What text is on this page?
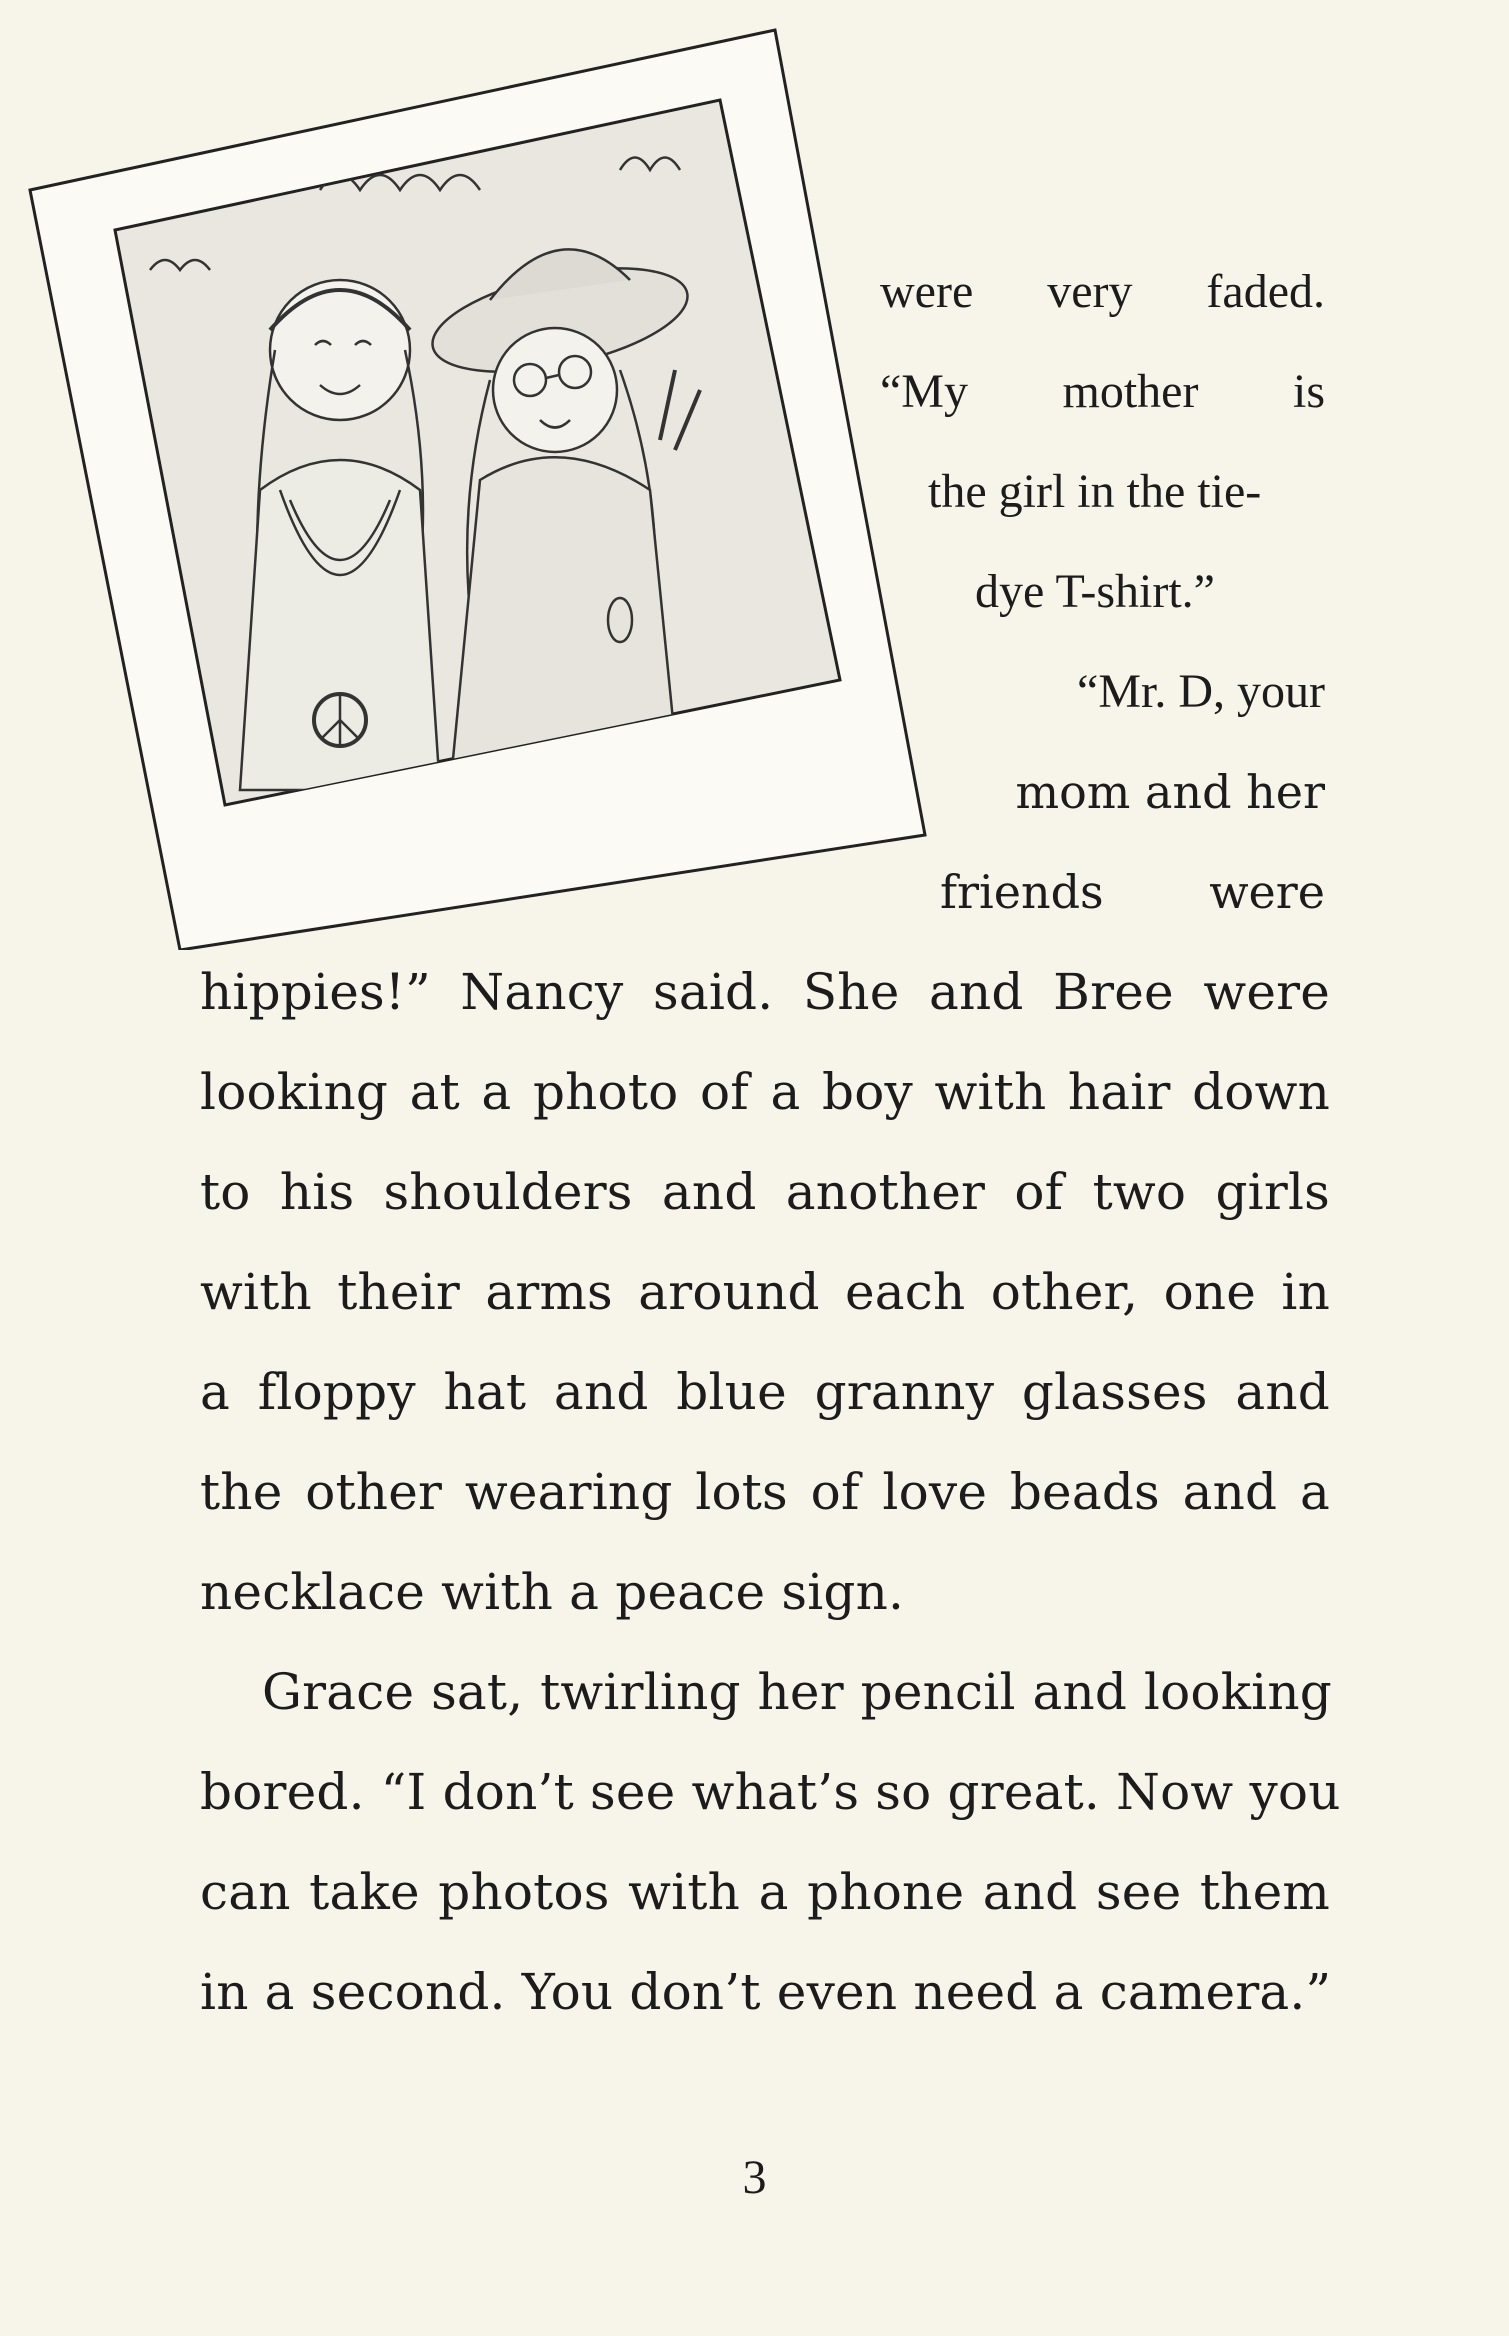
were very faded.
“My mother is
the girl in the tie-
dye T-shirt.”
“Mr. D, your
mom and her
friends were
hippies!” Nancy said. She and Bree were
looking at a photo of a boy with hair down
to his shoulders and another of two girls
with their arms around each other, one in
a floppy hat and blue granny glasses and
the other wearing lots of love beads and a
necklace with a peace sign.
Grace sat, twirling her pencil and looking
bored. “I don’t see what’s so great. Now you
can take photos with a phone and see them
in a second. You don’t even need a camera.”
3
